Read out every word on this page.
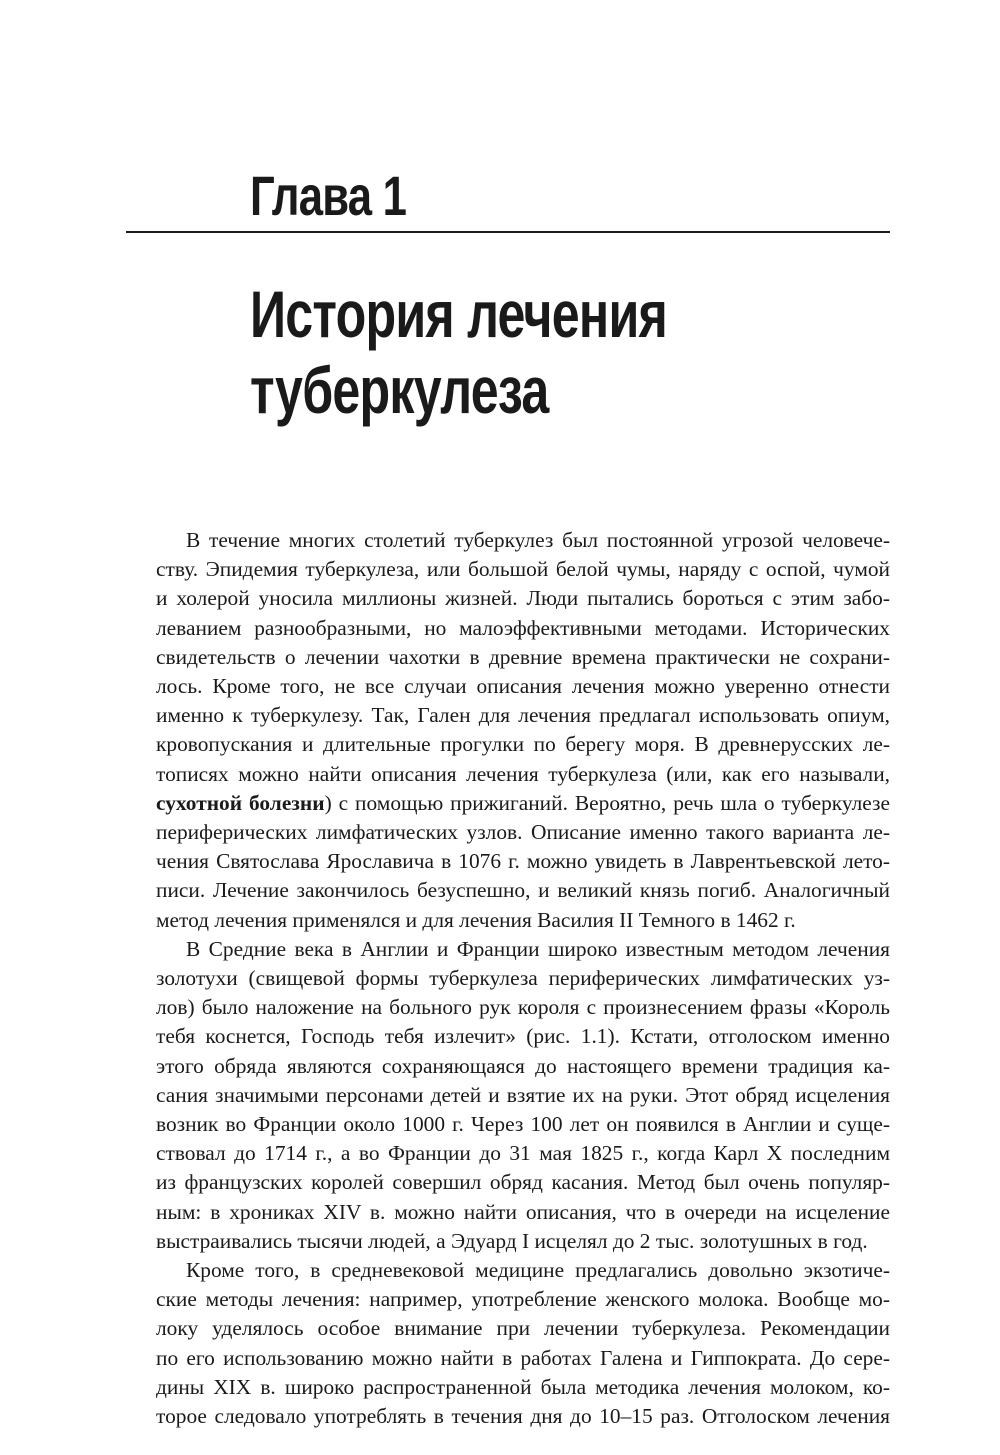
Глава 1
История лечения
туберкулеза
В течение многих столетий туберкулез был постоянной угрозой человече-
ству. Эпидемия туберкулеза, или большой белой чумы, наряду с оспой, чумой
и холерой уносила миллионы жизней. Люди пытались бороться с этим забо-
леванием разнообразными, но малоэффективными методами. Исторических
свидетельств о лечении чахотки в древние времена практически не сохрани-
лось. Кроме того, не все случаи описания лечения можно уверенно отнести
именно к туберкулезу. Так, Гален для лечения предлагал использовать опиум,
кровопускания и длительные прогулки по берегу моря. В древнерусских ле-
тописях можно найти описания лечения туберкулеза (или, как его называли,
сухотной болезни) с помощью прижиганий. Вероятно, речь шла о туберкулезе
периферических лимфатических узлов. Описание именно такого варианта ле-
чения Святослава Ярославича в 1076 г. можно увидеть в Лаврентьевской лето-
писи. Лечение закончилось безуспешно, и великий князь погиб. Аналогичный
метод лечения применялся и для лечения Василия II Темного в 1462 г.
В Средние века в Англии и Франции широко известным методом лечения
золотухи (свищевой формы туберкулеза периферических лимфатических уз-
лов) было наложение на больного рук короля с произнесением фразы «Король
тебя коснется, Господь тебя излечит» (рис. 1.1). Кстати, отголоском именно
этого обряда являются сохраняющаяся до настоящего времени традиция ка-
сания значимыми персонами детей и взятие их на руки. Этот обряд исцеления
возник во Франции около 1000 г. Через 100 лет он появился в Англии и суще-
ствовал до 1714 г., а во Франции до 31 мая 1825 г., когда Карл X последним
из французских королей совершил обряд касания. Метод был очень популяр-
ным: в хрониках XIV в. можно найти описания, что в очереди на исцеление
выстраивались тысячи людей, а Эдуард I исцелял до 2 тыс. золотушных в год.
Кроме того, в средневековой медицине предлагались довольно экзотиче-
ские методы лечения: например, употребление женского молока. Вообще мо-
локу уделялось особое внимание при лечении туберкулеза. Рекомендации
по его использованию можно найти в работах Галена и Гиппократа. До сере-
дины XIX в. широко распространенной была методика лечения молоком, ко-
торое следовало употреблять в течения дня до 10–15 раз. Отголоском лечения
